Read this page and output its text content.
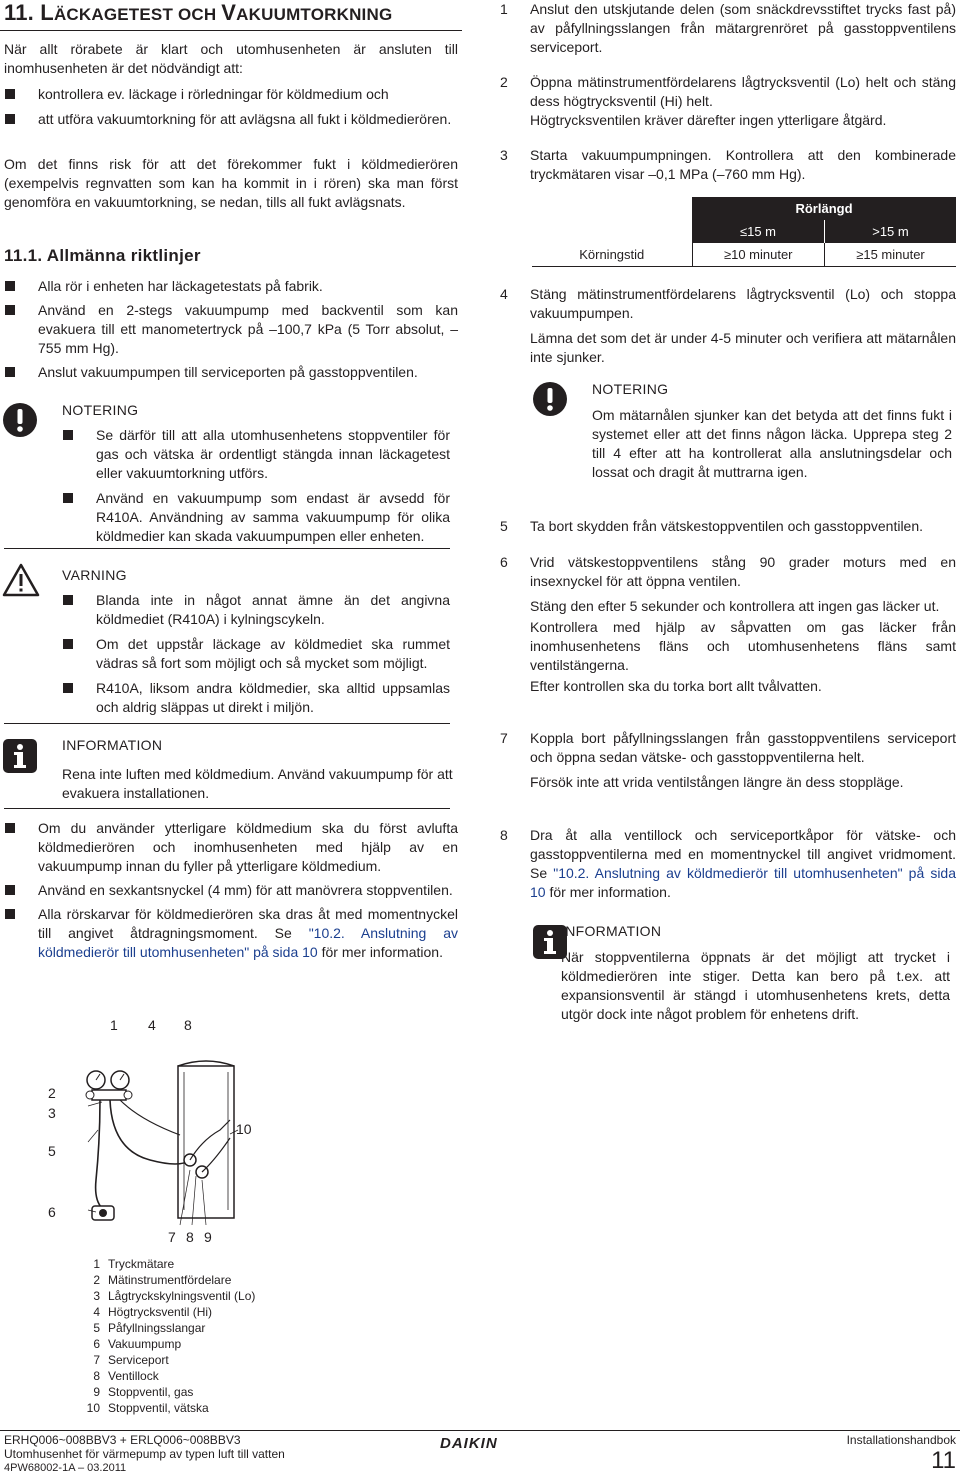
11. LÄCKAGETEST OCH VAKUUMTORKNING
När allt rörabete är klart och utomhusenheten är ansluten till inomhusenheten är det nödvändigt att:
kontrollera ev. läckage i rörledningar för köldmedium och
att utföra vakuumtorkning för att avlägsna all fukt i köldmedierören.
Om det finns risk för att det förekommer fukt i köldmedierören (exempelvis regnvatten som kan ha kommit in i rören) ska man först genomföra en vakuumtorkning, se nedan, tills all fukt avlägsnats.
11.1. Allmänna riktlinjer
Alla rör i enheten har läckagetestats på fabrik.
Använd en 2-stegs vakuumpump med backventil som kan evakuera till ett manometertryck på –100,7 kPa (5 Torr absolut, –755 mm Hg).
Anslut vakuumpumpen till serviceporten på gasstoppventilen.
NOTERING
Se därför till att alla utomhusenhetens stoppventiler för gas och vätska är ordentligt stängda innan läckagetest eller vakuumtorkning utförs.
Använd en vakuumpump som endast är avsedd för R410A. Användning av samma vakuumpump för olika köldmedier kan skada vakuumpumpen eller enheten.
VARNING
Blanda inte in något annat ämne än det angivna köldmediet (R410A) i kylningscykeln.
Om det uppstår läckage av köldmediet ska rummet vädras så fort som möjligt och så mycket som möjligt.
R410A, liksom andra köldmedier, ska alltid uppsamlas och aldrig släppas ut direkt i miljön.
INFORMATION
Rena inte luften med köldmedium. Använd vakuumpump för att evakuera installationen.
Om du använder ytterligare köldmedium ska du först avlufta köldmedierören och inomhusenheten med hjälp av en vakuumpump innan du fyller på ytterligare köldmedium.
Använd en sexkantsnyckel (4 mm) för att manövrera stoppventilen.
Alla rörskarvar för köldmedierören ska dras åt med momentnyckel till angivet åtdragningsmoment. Se "10.2. Anslutning av köldmedierör till utomhusenheten" på sida 10 för mer information.
1 4 8
2
3
5
6
10
7 8 9
1 Tryckmätare
2 Mätinstrumentfördelare
3 Lågtryckskylningsventil (Lo)
4 Högtrycksventil (Hi)
5 Påfyllningsslangar
6 Vakuumpump
7 Serviceport
8 Ventillock
9 Stoppventil, gas
10 Stoppventil, vätska
1	Anslut den utskjutande delen (som snäckdrevsstiftet trycks fast på) av påfyllningsslangen från mätargrenröret på gasstoppventilens serviceport.
2	Öppna mätinstrumentfördelarens lågtrycksventil (Lo) helt och stäng dess högtrycksventil (Hi) helt.
Högtrycksventilen kräver därefter ingen ytterligare åtgärd.
3	Starta vakuumpumpningen. Kontrollera att den kombinerade tryckmätaren visar –0,1 MPa (–760 mm Hg).
	Rörlängd	
	≤15 m	>15 m
Körningstid	≥10 minuter	≥15 minuter
4	Stäng mätinstrumentfördelarens lågtrycksventil (Lo) och stoppa vakuumpumpen.
Lämna det som det är under 4-5 minuter och verifiera att mätarnålen inte sjunker.
NOTERING
Om mätarnålen sjunker kan det betyda att det finns fukt i systemet eller att det finns någon läcka. Upprepa steg 2 till 4 efter att ha kontrollerat alla anslutningsdelar och lossat och dragit åt muttrarna igen.
5	Ta bort skydden från vätskestoppventilen och gasstoppventilen.
6	Vrid vätskestoppventilens stång 90 grader moturs med en insexnyckel för att öppna ventilen.
Stäng den efter 5 sekunder och kontrollera att ingen gas läcker ut.
Kontrollera med hjälp av såpvatten om gas läcker från inomhusenhetens fläns och utomhusenhetens fläns samt ventilstängerna.
Efter kontrollen ska du torka bort allt tvålvatten.
7	Koppla bort påfyllningsslangen från gasstoppventilens serviceport och öppna sedan vätske- och gasstoppventilerna helt.
Försök inte att vrida ventilstången längre än dess stoppläge.
8	Dra åt alla ventillock och serviceportkåpor för vätske- och gasstoppventilerna med en momentnyckel till angivet vridmoment. Se "10.2. Anslutning av köldmedierör till utomhusenheten" på sida 10 för mer information.
INFORMATION
När stoppventilerna öppnats är det möjligt att trycket i köldmedierören inte stiger. Detta kan bero på t.ex. att expansionsventil är stängd i utomhusenhetens krets, detta utgör dock inte något problem för enhetens drift.
ERHQ006~008BBV3 + ERLQ006~008BBV3
Utomhusenhet för värmepump av typen luft till vatten
4PW68002-1A – 03.2011
DAIKIN	Installationshandbok
11
